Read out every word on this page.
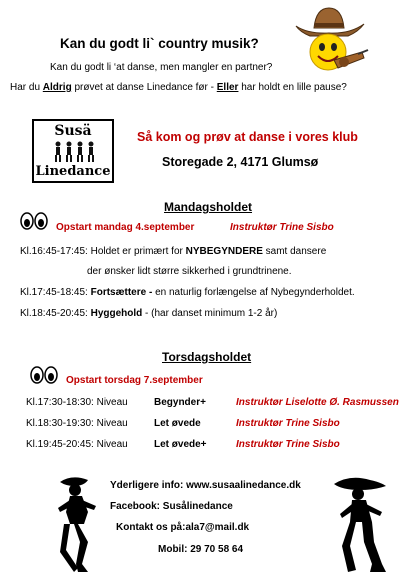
Kan du godt li` country musik?
Kan du godt li ‘at danse, men mangler en partner?
Har du Aldrig prøvet at danse Linedance før - Eller har holdt en lille pause?
Susä
Linedance
Så kom og prøv at danse i vores klub
Storegade 2, 4171 Glumsø
Mandagsholdet
Opstart mandag 4.september	Instruktør Trine Sisbo
Kl.16:45-17:45: Holdet er primært for NYBEGYNDERE samt dansere
der ønsker lidt større sikkerhed i grundtrinene.
Kl.17:45-18:45: Fortsættere - en naturlig forlængelse af Nybegynderholdet.
Kl.18:45-20:45: Hyggehold - (har danset minimum 1-2 år)
Torsdagsholdet
Opstart torsdag 7.september
Kl.17:30-18:30: Niveau	Begynder+	Instruktør Liselotte Ø. Rasmussen
Kl.18:30-19:30: Niveau	Let øvede	Instruktør Trine Sisbo
Kl.19:45-20:45: Niveau	Let øvede+	Instruktør Trine Sisbo
Yderligere info: www.susaalinedance.dk
Facebook: Susålinedance
Kontakt os på:ala7@mail.dk
Mobil: 29 70 58 64
